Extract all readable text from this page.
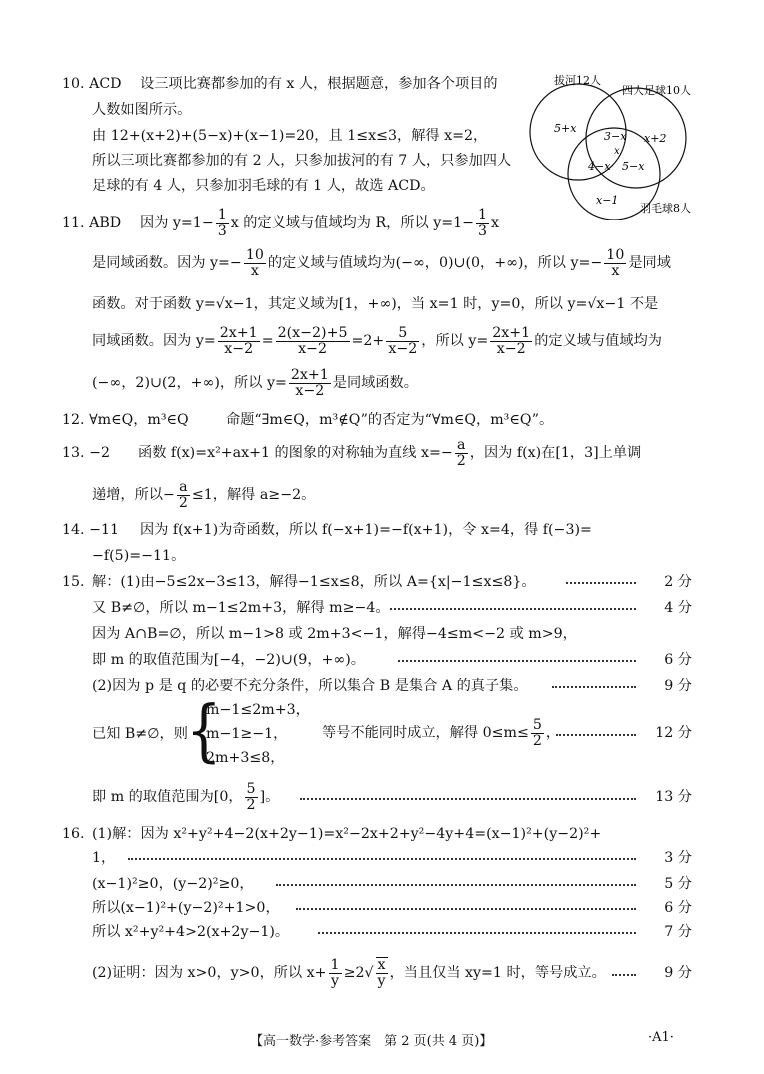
10. ACD 设三项比赛都参加的有 x 人，根据题意，参加各个项目的
人数如图所示。
由 12+(x+2)+(5−x)+(x−1)=20，且 1≤x≤3，解得 x=2，
所以三项比赛都参加的有 2 人，只参加拔河的有 7 人，只参加四人
足球的有 4 人，只参加羽毛球的有 1 人，故选 ACD。
拔河12人
四人足球10人
羽毛球8人
5+x
3−x x+2
x
4−x 5−x
x−1
11. ABD 因为 $y=1- \frac{1}{3}$ x 的定义域与值域均为 R，所以 $y=1- \frac{1}{3}$ x
是同域函数。因为 $y=- \frac{10}{x}$ 的定义域与值域均为(−∞，0)∪(0，+∞)，所以 $y=- \frac{10}{x}$ 是同域
函数。对于函数 y=√x−1，其定义域为[1，+∞)，当 x=1 时，y=0，所以 y=√x−1 不是
同域函数。因为 $y= \frac{2x+1}{x-2} = \frac{2(x-2)+5}{x-2} =2+ \frac{5}{x-2}$ ，所以 $y= \frac{2x+1}{x-2}$ 的定义域与值域均为
(−∞，2)∪(2，+∞)，所以 $y= \frac{2x+1}{x-2}$ 是同域函数。
12. ∀m∈Q，m³∈Q	命题“∃m∈Q，m³∉Q”的否定为“∀m∈Q，m³∈Q”。
13. −2 函数 f(x)=x²+ax+1 的图象的对称轴为直线 $x=- \frac{a}{2}$ ，因为 f(x)在[1，3]上单调
递增，所以− $\frac{a}{2} \le 1$，解得 a≥−2。
14. −11 因为 f(x+1)为奇函数，所以 f(−x+1)=−f(x+1)，令 x=4，得 f(−3)=
−f(5)=−11。
15. 解：(1)由−5≤2x−3≤13，解得−1≤x≤8，所以 A={x|−1≤x≤8}。	2 分
又 B≠∅，所以 m−1≤2m+3，解得 m≥−4。	4 分
因为 A∩B=∅，所以 m−1>8 或 2m+3<−1，解得−4≤m<−2 或 m>9，
即 m 的取值范围为[−4，−2)∪(9，+∞)。	6 分
(2)因为 p 是 q 的必要不充分条件，所以集合 B 是集合 A 的真子集。	9 分
已知 B≠∅，则
{
m−1≤2m+3，
m−1≥−1，
2m+3≤8，
等号不能同时成立，解得 $0\le m\le \frac{5}{2}$ ，	12 分
即 m 的取值范围为[0， $\frac{5}{2}$ ]。	13 分
16. (1)解：因为 x²+y²+4−2(x+2y−1)=x²−2x+2+y²−4y+4=(x−1)²+(y−2)²+
1，	3 分
(x−1)²≥0，(y−2)²≥0，	5 分
所以(x−1)²+(y−2)²+1>0，	6 分
所以 x²+y²+4>2(x+2y−1)。	7 分
(2)证明：因为 x>0，y>0，所以 $x+ \frac{1}{y} \ge 2√ \frac{x}{y}$ ，当且仅当 xy=1 时，等号成立。	9 分
【高一数学·参考答案　第 2 页(共 4 页)】	·A1·
